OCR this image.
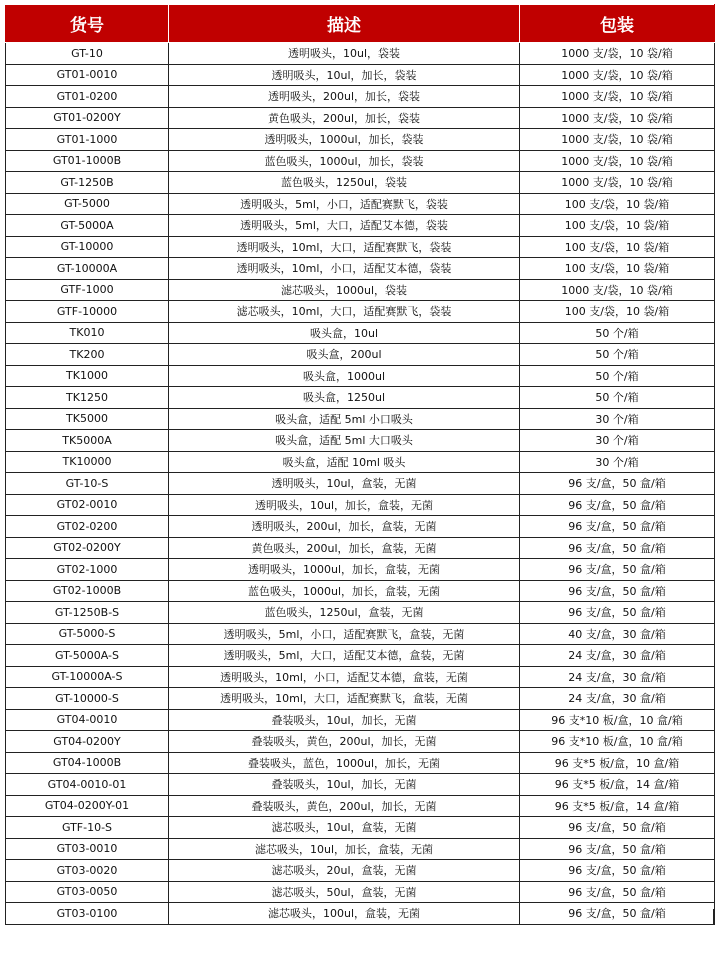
货号	描述	包装
GT-10	透明吸头，10ul，袋装	1000 支/袋，10 袋/箱
GT01-0010	透明吸头，10ul，加长，袋装	1000 支/袋，10 袋/箱
GT01-0200	透明吸头，200ul，加长，袋装	1000 支/袋，10 袋/箱
GT01-0200Y	黄色吸头，200ul，加长，袋装	1000 支/袋，10 袋/箱
GT01-1000	透明吸头，1000ul，加长，袋装	1000 支/袋，10 袋/箱
GT01-1000B	蓝色吸头，1000ul，加长，袋装	1000 支/袋，10 袋/箱
GT-1250B	蓝色吸头，1250ul，袋装	1000 支/袋，10 袋/箱
GT-5000	透明吸头，5ml，小口，适配赛默飞，袋装	100 支/袋，10 袋/箱
GT-5000A	透明吸头，5ml，大口，适配艾本德，袋装	100 支/袋，10 袋/箱
GT-10000	透明吸头，10ml，大口，适配赛默飞，袋装	100 支/袋，10 袋/箱
GT-10000A	透明吸头，10ml，小口，适配艾本德，袋装	100 支/袋，10 袋/箱
GTF-1000	滤芯吸头，1000ul，袋装	1000 支/袋，10 袋/箱
GTF-10000	滤芯吸头，10ml，大口，适配赛默飞，袋装	100 支/袋，10 袋/箱
TK010	吸头盒，10ul	50 个/箱
TK200	吸头盒，200ul	50 个/箱
TK1000	吸头盒，1000ul	50 个/箱
TK1250	吸头盒，1250ul	50 个/箱
TK5000	吸头盒，适配 5ml 小口吸头	30 个/箱
TK5000A	吸头盒，适配 5ml 大口吸头	30 个/箱
TK10000	吸头盒，适配 10ml 吸头	30 个/箱
GT-10-S	透明吸头，10ul，盒装，无菌	96 支/盒，50 盒/箱
GT02-0010	透明吸头，10ul，加长，盒装，无菌	96 支/盒，50 盒/箱
GT02-0200	透明吸头，200ul，加长，盒装，无菌	96 支/盒，50 盒/箱
GT02-0200Y	黄色吸头，200ul，加长，盒装，无菌	96 支/盒，50 盒/箱
GT02-1000	透明吸头，1000ul，加长，盒装，无菌	96 支/盒，50 盒/箱
GT02-1000B	蓝色吸头，1000ul，加长，盒装，无菌	96 支/盒，50 盒/箱
GT-1250B-S	蓝色吸头，1250ul，盒装，无菌	96 支/盒，50 盒/箱
GT-5000-S	透明吸头，5ml，小口，适配赛默飞，盒装，无菌	40 支/盒，30 盒/箱
GT-5000A-S	透明吸头，5ml，大口，适配艾本德，盒装，无菌	24 支/盒，30 盒/箱
GT-10000A-S	透明吸头，10ml，小口，适配艾本德，盒装，无菌	24 支/盒，30 盒/箱
GT-10000-S	透明吸头，10ml，大口，适配赛默飞，盒装，无菌	24 支/盒，30 盒/箱
GT04-0010	叠装吸头，10ul，加长，无菌	96 支*10 板/盒，10 盒/箱
GT04-0200Y	叠装吸头，黄色，200ul，加长，无菌	96 支*10 板/盒，10 盒/箱
GT04-1000B	叠装吸头，蓝色，1000ul，加长，无菌	96 支*5 板/盒，10 盒/箱
GT04-0010-01	叠装吸头，10ul，加长，无菌	96 支*5 板/盒，14 盒/箱
GT04-0200Y-01	叠装吸头，黄色，200ul，加长，无菌	96 支*5 板/盒，14 盒/箱
GTF-10-S	滤芯吸头，10ul，盒装，无菌	96 支/盒，50 盒/箱
GT03-0010	滤芯吸头，10ul，加长，盒装，无菌	96 支/盒，50 盒/箱
GT03-0020	滤芯吸头，20ul，盒装，无菌	96 支/盒，50 盒/箱
GT03-0050	滤芯吸头，50ul，盒装，无菌	96 支/盒，50 盒/箱
GT03-0100	滤芯吸头，100ul，盒装，无菌	96 支/盒，50 盒/箱
